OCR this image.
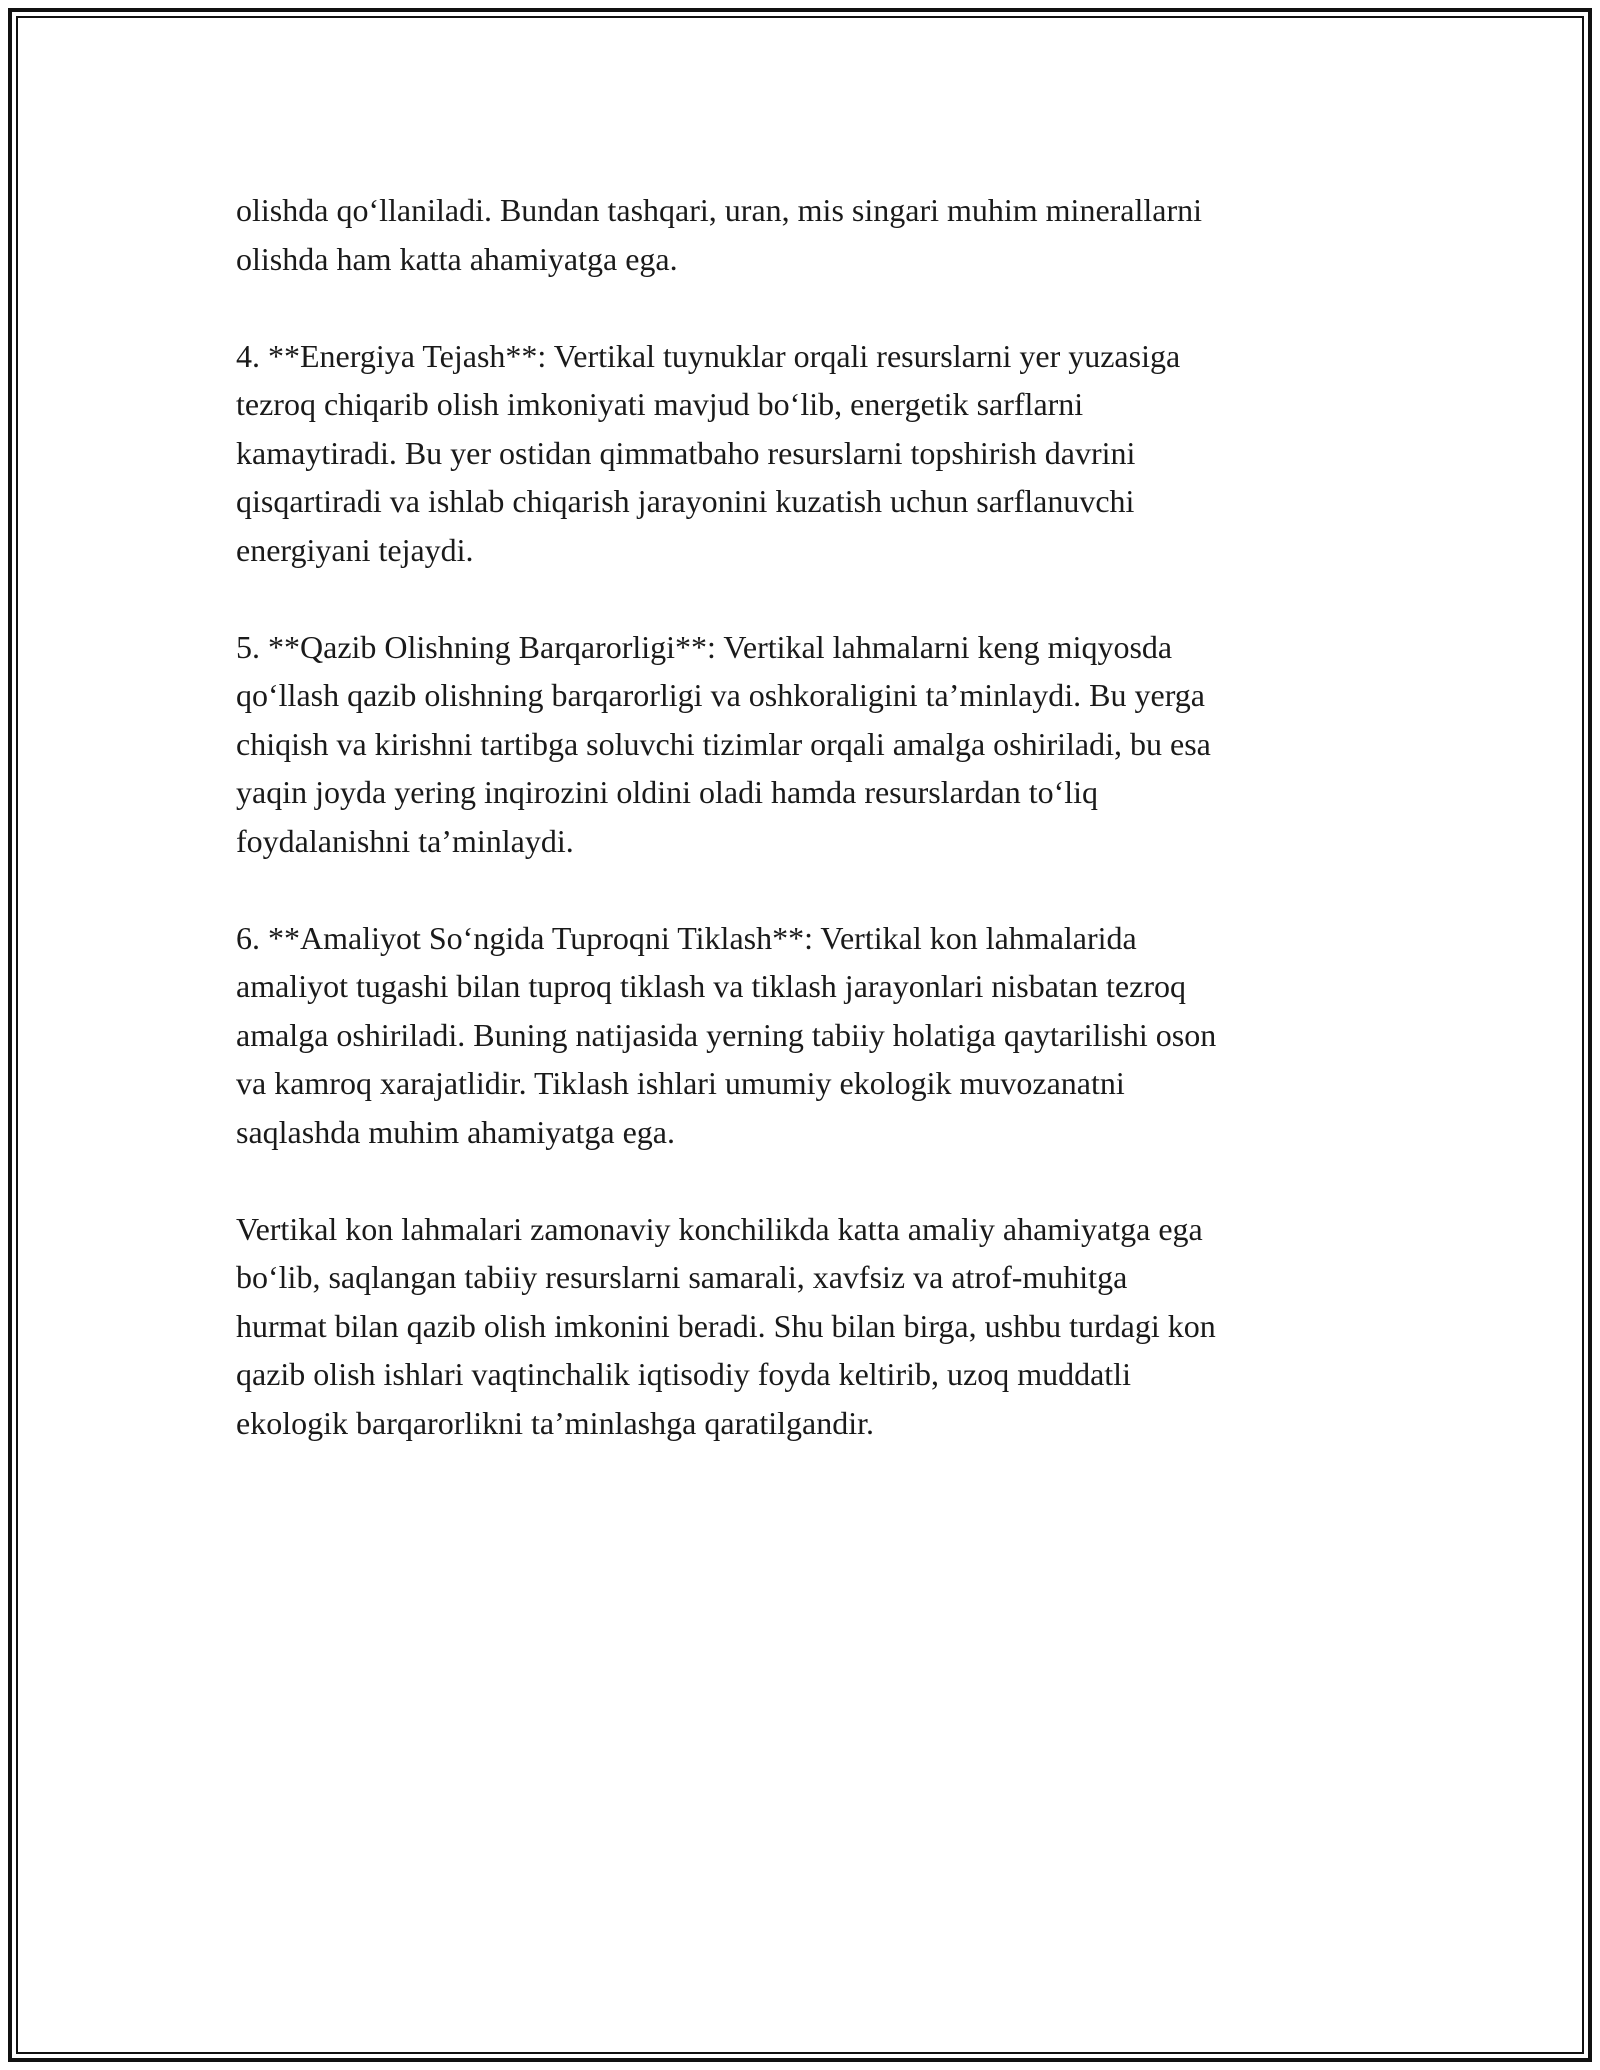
olishda qo‘llaniladi. Bundan tashqari, uran, mis singari muhim minerallarni
olishda ham katta ahamiyatga ega.

4. **Energiya Tejash**: Vertikal tuynuklar orqali resurslarni yer yuzasiga
tezroq chiqarib olish imkoniyati mavjud bo‘lib, energetik sarflarni
kamaytiradi. Bu yer ostidan qimmatbaho resurslarni topshirish davrini
qisqartiradi va ishlab chiqarish jarayonini kuzatish uchun sarflanuvchi
energiyani tejaydi.

5. **Qazib Olishning Barqarorligi**: Vertikal lahmalarni keng miqyosda
qo‘llash qazib olishning barqarorligi va oshkoraligini ta’minlaydi. Bu yerga
chiqish va kirishni tartibga soluvchi tizimlar orqali amalga oshiriladi, bu esa
yaqin joyda yering inqirozini oldini oladi hamda resurslardan to‘liq
foydalanishni ta’minlaydi.

6. **Amaliyot So‘ngida Tuproqni Tiklash**: Vertikal kon lahmalarida
amaliyot tugashi bilan tuproq tiklash va tiklash jarayonlari nisbatan tezroq
amalga oshiriladi. Buning natijasida yerning tabiiy holatiga qaytarilishi oson
va kamroq xarajatlidir. Tiklash ishlari umumiy ekologik muvozanatni
saqlashda muhim ahamiyatga ega.

Vertikal kon lahmalari zamonaviy konchilikda katta amaliy ahamiyatga ega
bo‘lib, saqlangan tabiiy resurslarni samarali, xavfsiz va atrof-muhitga
hurmat bilan qazib olish imkonini beradi. Shu bilan birga, ushbu turdagi kon
qazib olish ishlari vaqtinchalik iqtisodiy foyda keltirib, uzoq muddatli
ekologik barqarorlikni ta’minlashga qaratilgandir.
